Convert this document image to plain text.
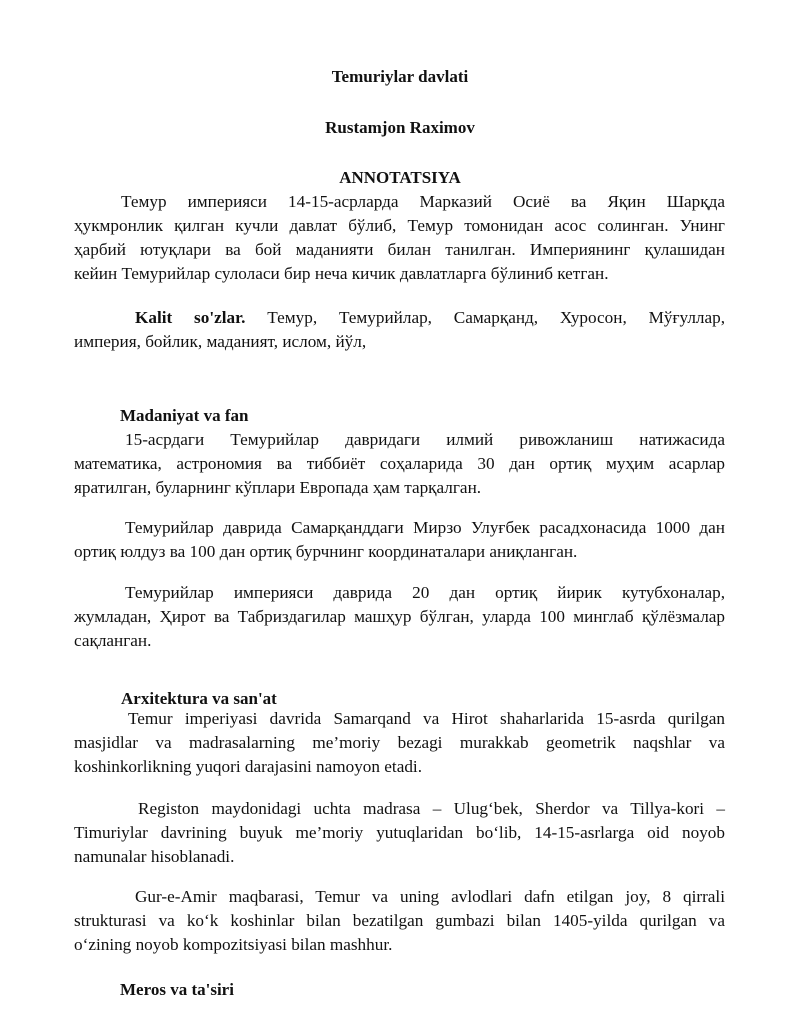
Temuriylar davlati
Rustamjon Raximov
ANNOTATSIYA
Темур империяси 14-15-асрларда Марказий Осиё ва Яқин Шарқда
ҳукмронлик қилган кучли давлат бўлиб, Темур томонидан асос солинган. Унинг
ҳарбий ютуқлари ва бой маданияти билан танилган. Империянинг қулашидан
кейин Темурийлар сулоласи бир неча кичик давлатларга бўлиниб кетган.
Kalit so'zlar. Темур, Темурийлар, Самарқанд, Хуросон, Мўғуллар,
империя, бойлик, маданият, ислом, йўл,
Madaniyat va fan
15-асрдаги Темурийлар давридаги илмий ривожланиш натижасида
математика, астрономия ва тиббиёт соҳаларида 30 дан ортиқ муҳим асарлар
яратилган, буларнинг кўплари Европада ҳам тарқалган.
Темурийлар даврида Самарқанддаги Мирзо Улуғбек расадхонасида 1000 дан
ортиқ юлдуз ва 100 дан ортиқ бурчнинг координаталари аниқланган.
Темурийлар империяси даврида 20 дан ортиқ йирик кутубхоналар,
жумладан, Ҳирот ва Табриздагилар машҳур бўлган, уларда 100 минглаб қўлёзмалар
сақланган.
Arxitektura va san'at
Temur imperiyasi davrida Samarqand va Hirot shaharlarida 15-asrda qurilgan
masjidlar va madrasalarning me’moriy bezagi murakkab geometrik naqshlar va
koshinkorlikning yuqori darajasini namoyon etadi.
Registon maydonidagi uchta madrasa – Ulug‘bek, Sherdor va Tillya-kori –
Timuriylar davrining buyuk me’moriy yutuqlaridan bo‘lib, 14-15-asrlarga oid noyob
namunalar hisoblanadi.
Gur-e-Amir maqbarasi, Temur va uning avlodlari dafn etilgan joy, 8 qirrali
strukturasi va ko‘k koshinlar bilan bezatilgan gumbazi bilan 1405-yilda qurilgan va
o‘zining noyob kompozitsiyasi bilan mashhur.
Meros va ta'siri
